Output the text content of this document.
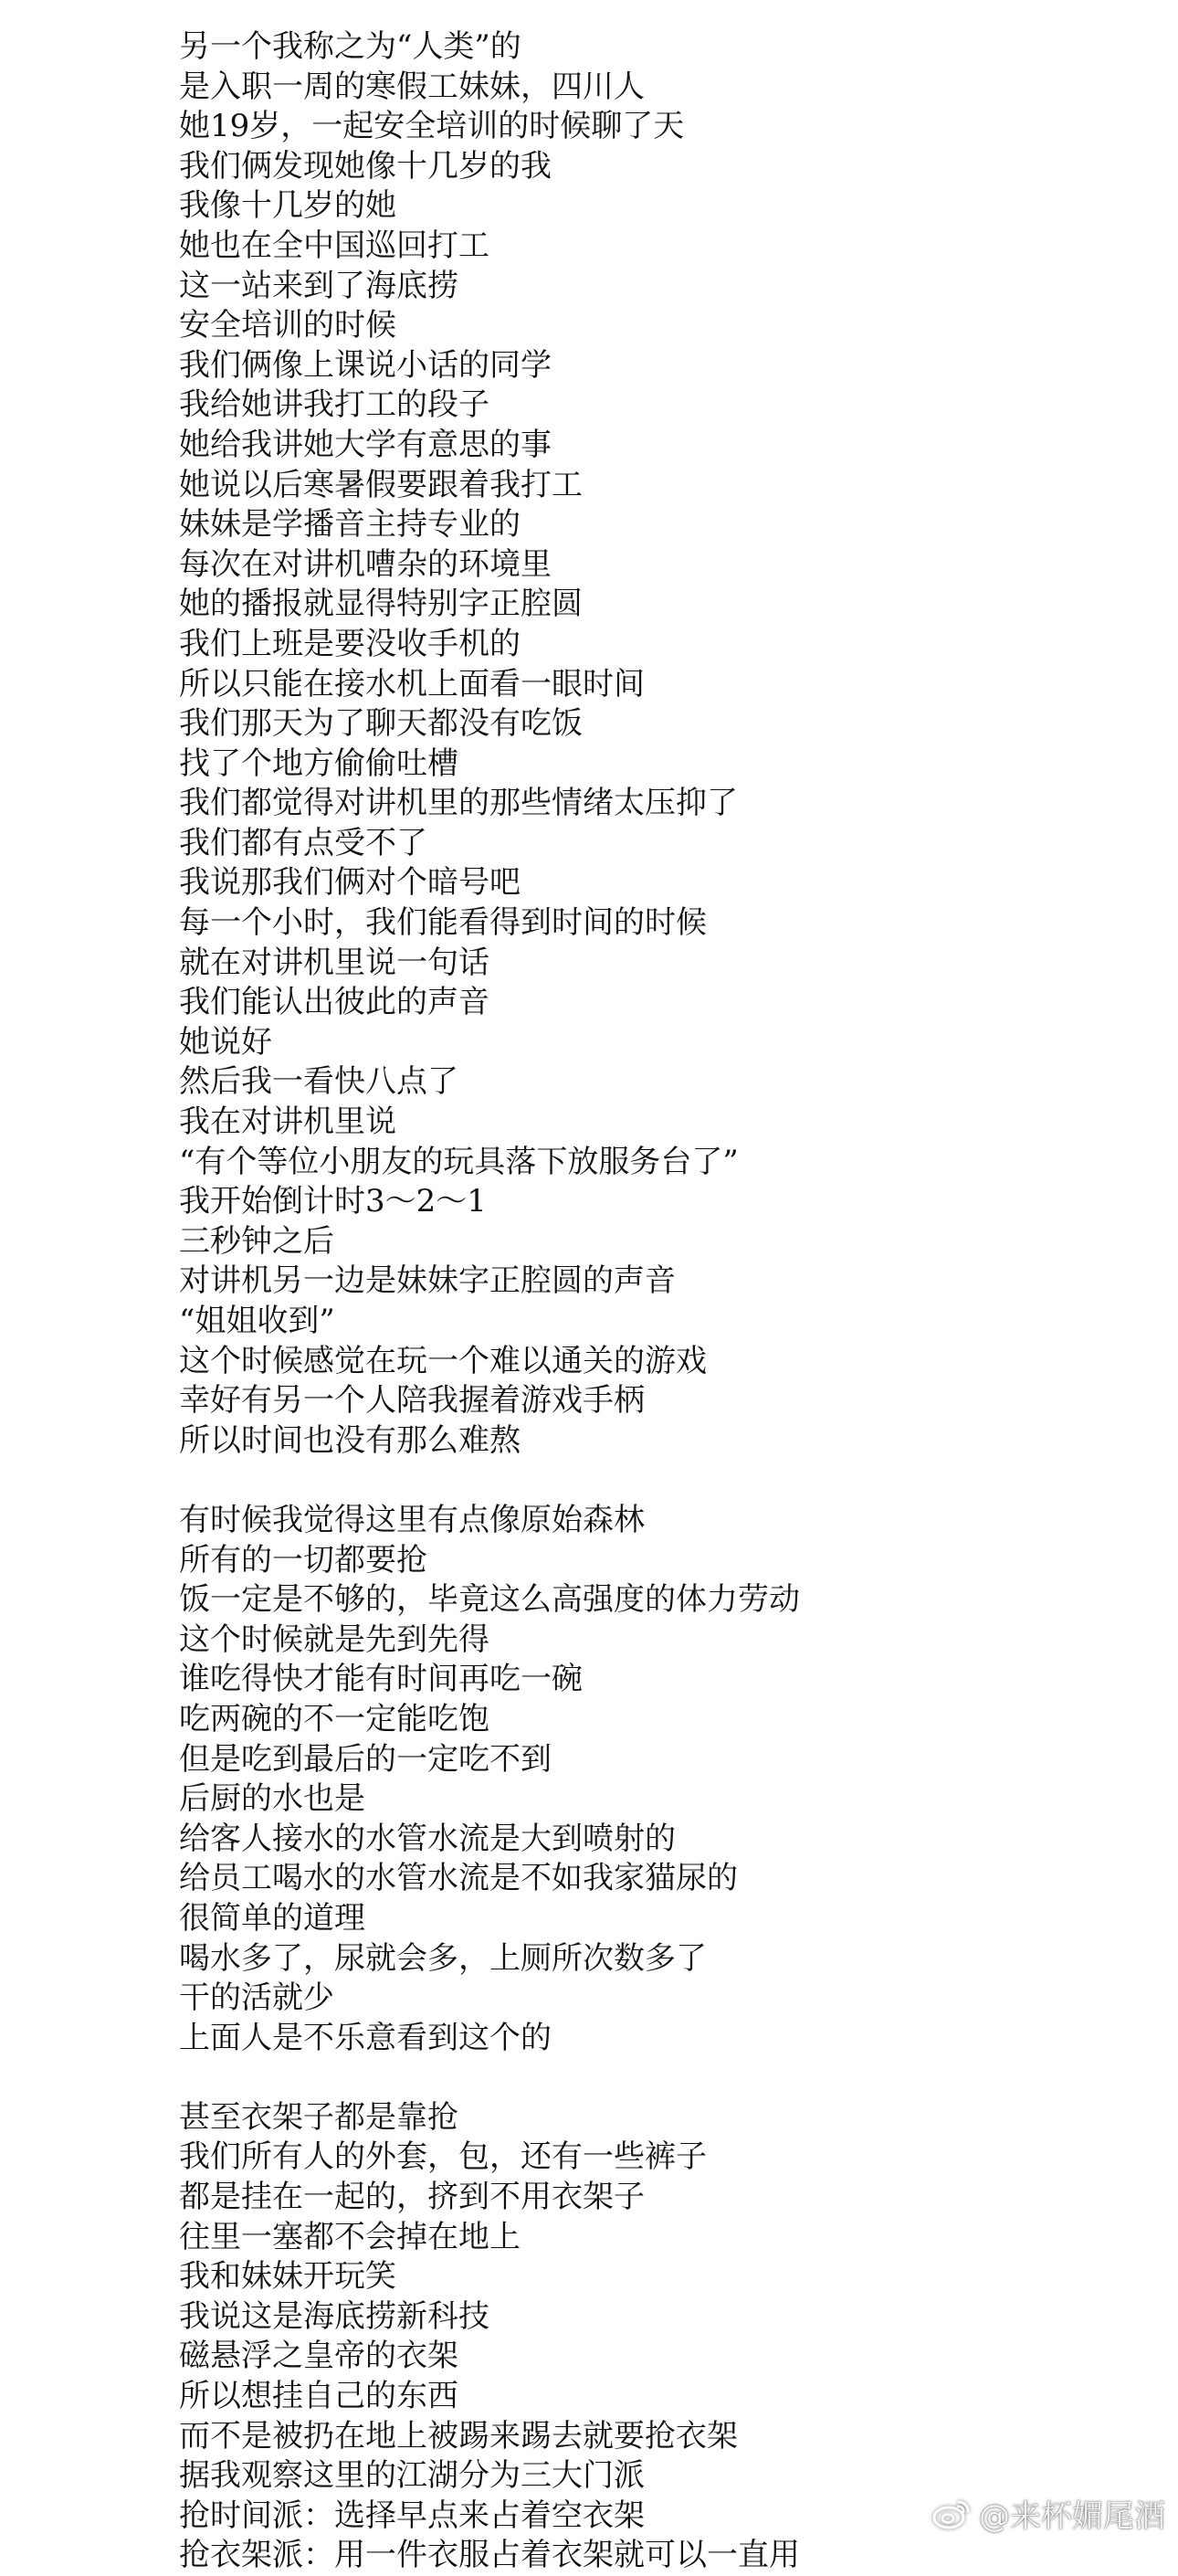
另一个我称之为“人类”的
是入职一周的寒假工妹妹，四川人
她19岁，一起安全培训的时候聊了天
我们俩发现她像十几岁的我
我像十几岁的她
她也在全中国巡回打工
这一站来到了海底捞
安全培训的时候
我们俩像上课说小话的同学
我给她讲我打工的段子
她给我讲她大学有意思的事
她说以后寒暑假要跟着我打工
妹妹是学播音主持专业的
每次在对讲机嘈杂的环境里
她的播报就显得特别字正腔圆
我们上班是要没收手机的
所以只能在接水机上面看一眼时间
我们那天为了聊天都没有吃饭
找了个地方偷偷吐槽
我们都觉得对讲机里的那些情绪太压抑了
我们都有点受不了
我说那我们俩对个暗号吧
每一个小时，我们能看得到时间的时候
就在对讲机里说一句话
我们能认出彼此的声音
她说好
然后我一看快八点了
我在对讲机里说
“有个等位小朋友的玩具落下放服务台了”
我开始倒计时3～2～1
三秒钟之后
对讲机另一边是妹妹字正腔圆的声音
“姐姐收到”
这个时候感觉在玩一个难以通关的游戏
幸好有另一个人陪我握着游戏手柄
所以时间也没有那么难熬
有时候我觉得这里有点像原始森林
所有的一切都要抢
饭一定是不够的，毕竟这么高强度的体力劳动
这个时候就是先到先得
谁吃得快才能有时间再吃一碗
吃两碗的不一定能吃饱
但是吃到最后的一定吃不到
后厨的水也是
给客人接水的水管水流是大到喷射的
给员工喝水的水管水流是不如我家猫尿的
很简单的道理
喝水多了，尿就会多，上厕所次数多了
干的活就少
上面人是不乐意看到这个的
甚至衣架子都是靠抢
我们所有人的外套，包，还有一些裤子
都是挂在一起的，挤到不用衣架子
往里一塞都不会掉在地上
我和妹妹开玩笑
我说这是海底捞新科技
磁悬浮之皇帝的衣架
所以想挂自己的东西
而不是被扔在地上被踢来踢去就要抢衣架
据我观察这里的江湖分为三大门派
抢时间派：选择早点来占着空衣架
抢衣架派：用一件衣服占着衣架就可以一直用
@来杯媚尾酒
